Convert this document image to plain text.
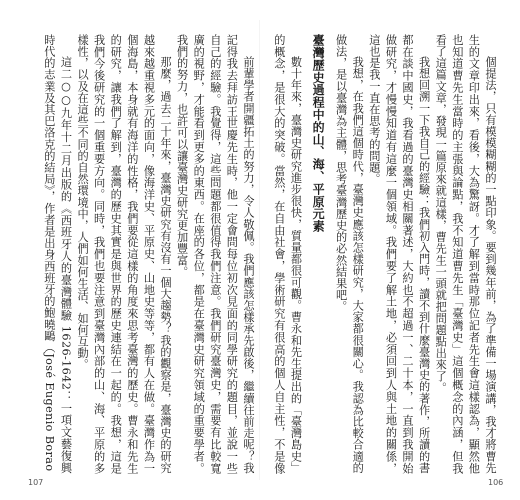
個提法，只有模模糊糊的一點印象。要到幾年前，為了準備一場演講，我才將曹先生的文章印出來，看後，大為驚訝。才了解到當時那位記者先生會這樣認為，顯然他也知道曹先生當時的主張與論點，我不知道曹先生「臺灣史」這個概念的內涵，但我看了這篇文章，發現一篇原來就這樣，曹先生一頭就把問題點出來了。

我想回溯一下我自己的經驗：我們初入門時，讀不到什麼臺灣史的著作，所讀的書都在談中國史，我看過的臺灣史相關著述，大約也不超過一、二十本，一直到我開始做研究，才慢慢知道有這麼一個領域。我們要了解土地，必須回到人與土地的關係，這也是我一直在思考的問題。

我想，在我們這個時代，臺灣史應該怎樣研究，大家都很關心。我認為比較合適的做法，是以臺灣為主體，思考臺灣歷史的必然結果吧。

臺灣歷史過程中的山、海、平原元素

數十年來，臺灣史研究進步很快，質量都很可觀。曹永和先生提出的「臺灣島史」的概念，是很大的突破。當然，在自由社會，學術研究有很高的個人自主性，不是像

前輩學者開疆拓土的努力，令人敬佩。我們應該怎樣承先啟後，繼續往前走呢？我記得我去拜訪王世慶先生時，他一定會問每位初次見面的同學研究的題目，並說一些自己的經驗。我覺得，這些問題都很值得我們注意。我們研究臺灣史，需要有比較寬廣的視野，才能看到更多的東西。在座的各位，都是在臺灣史研究領域的重要學者。我們的努力，也許可以讓臺灣史研究更加豐富。

那麼，過去二十年來，臺灣史研究有沒有一個大趨勢？我的觀察是，臺灣史的研究越來越重視多元的面向，像海洋史、平原史、山地史等等，都有人在做。臺灣作為一個海島，本身就有海洋的性格，我們要從這樣的角度來思考臺灣的歷史。曹永和先生的研究，讓我們了解到，臺灣的歷史其實是與世界的歷史連結在一起的。我想，這是我們今後研究的一個重要方向。同時，我們也要注意到臺灣內部的山、海、平原的多樣性，以及在這些不同的自然環境中，人們如何生活、如何互動。

這二○○九年十二月出版的《西班牙人的臺灣體驗 1626-1642：一項文藝復興時代的志業及其巴洛克的結局》，作者是出身西班牙的鮑曉鷗（José Eugenio Borao

107	106
